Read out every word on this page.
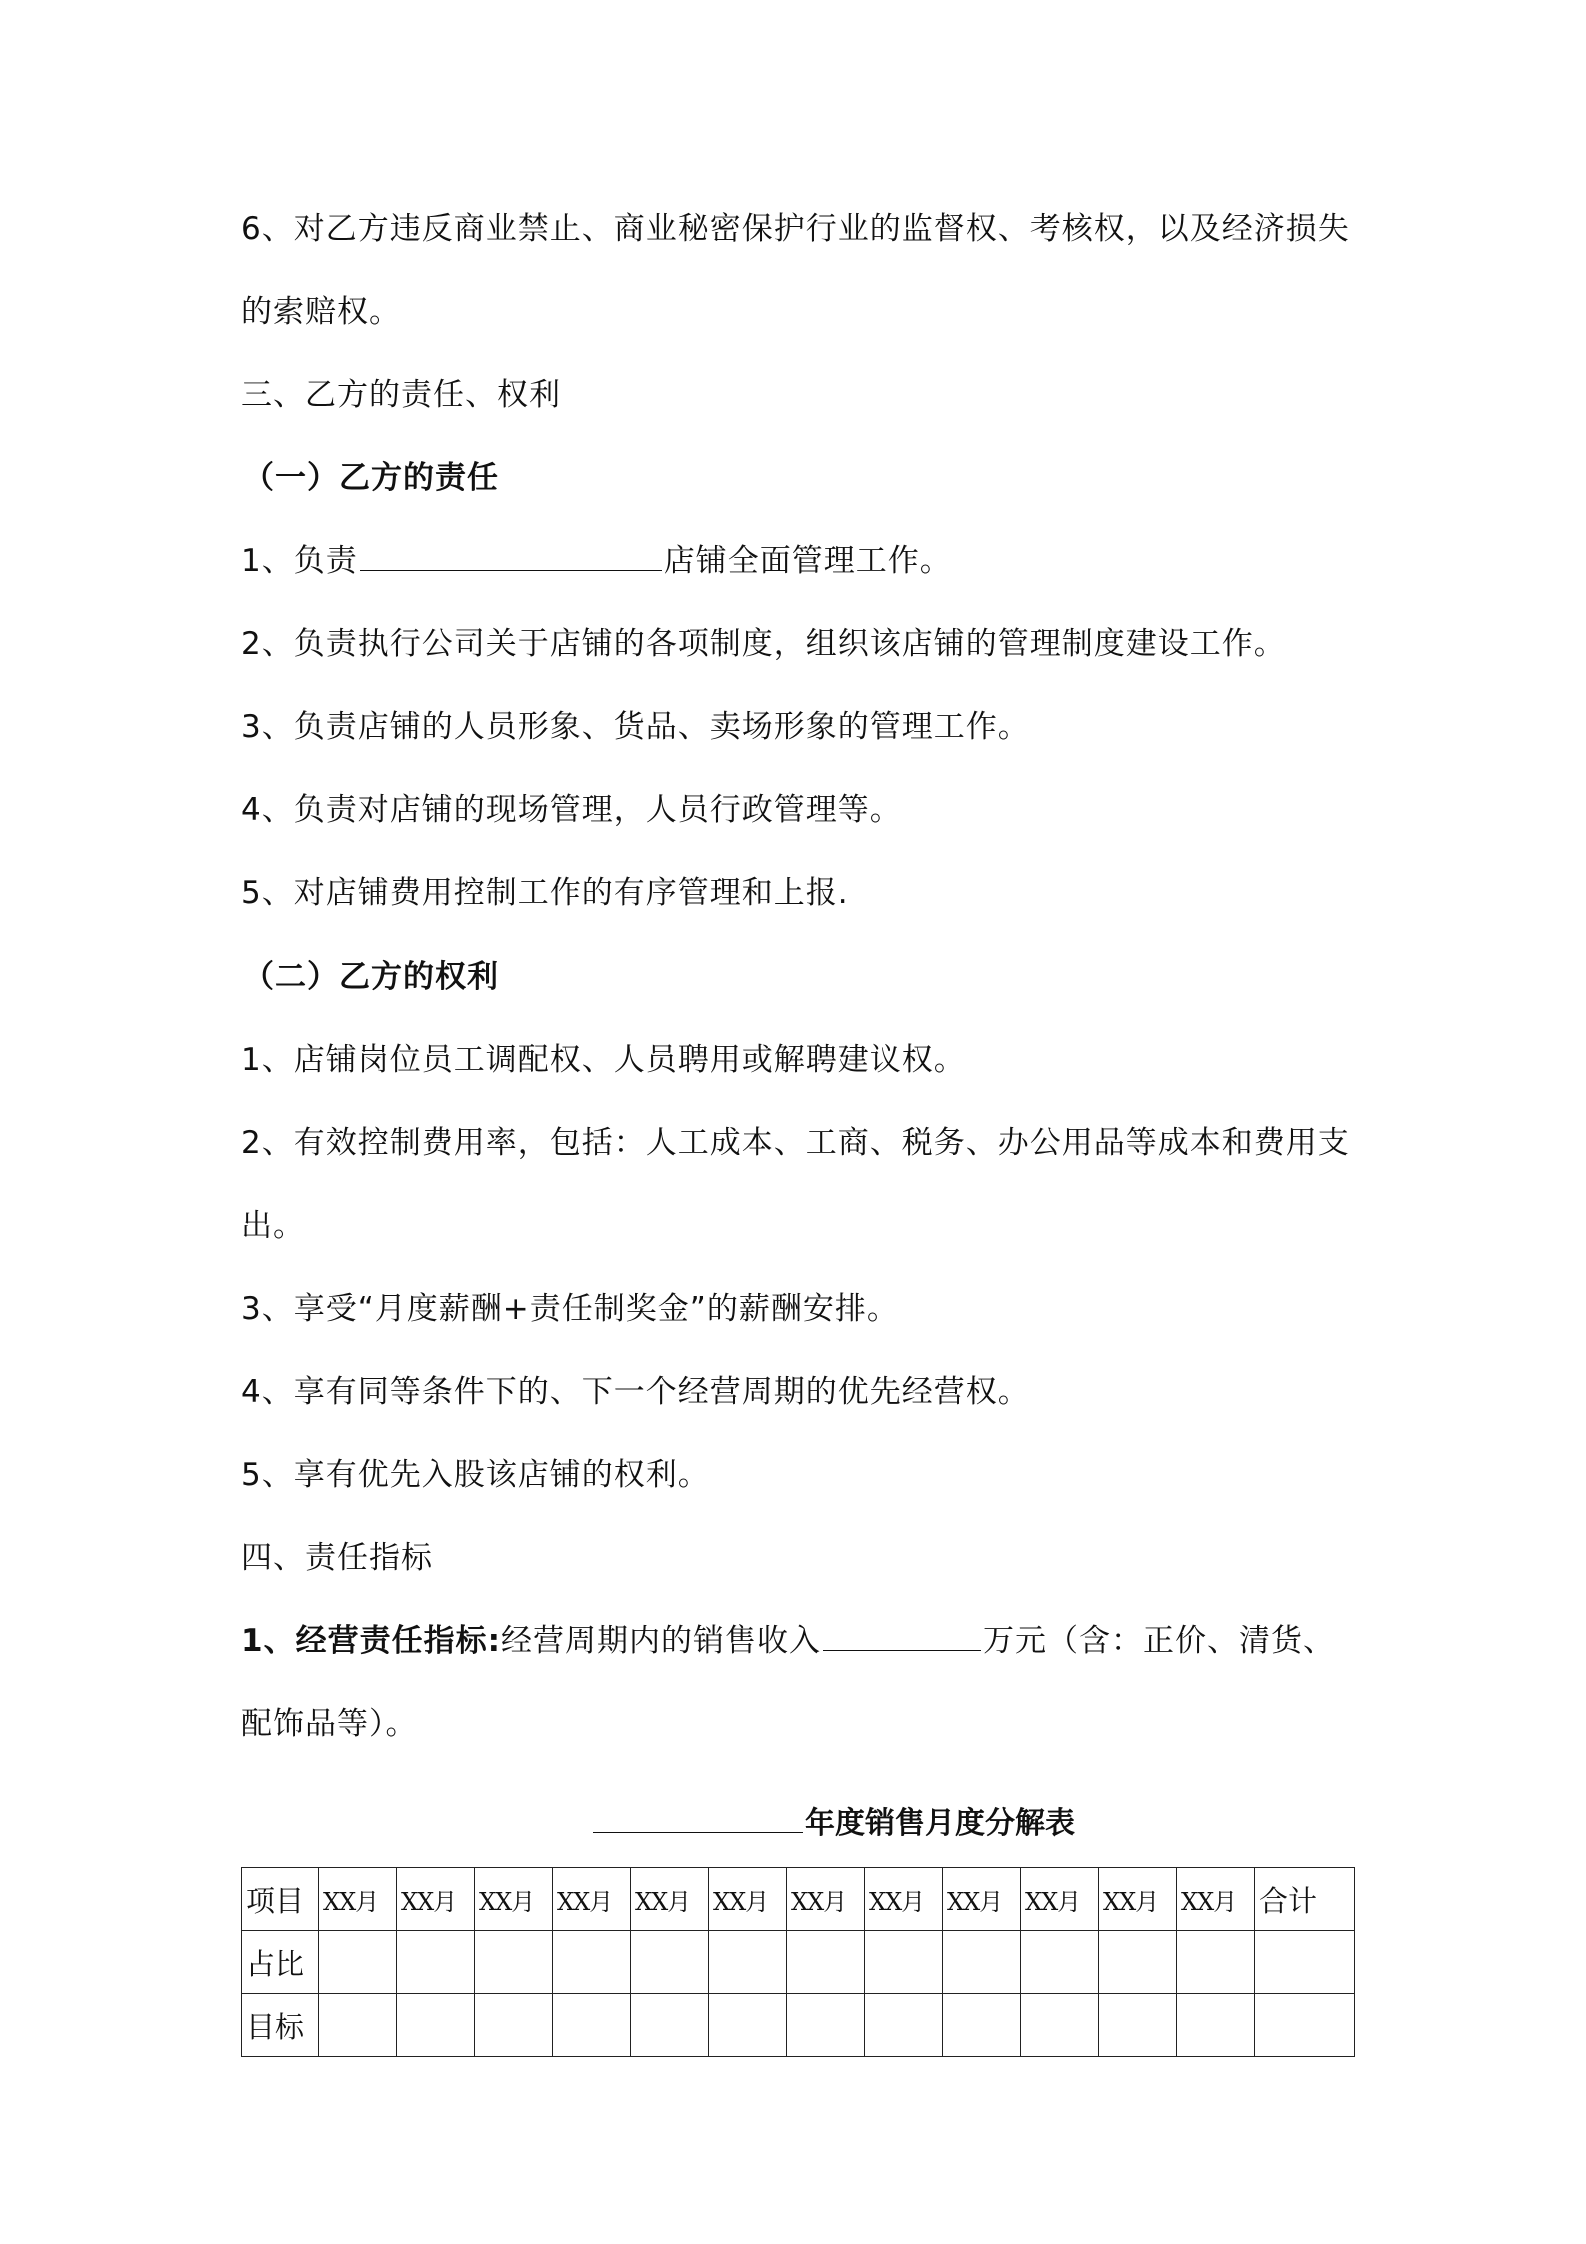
6、对乙方违反商业禁止、商业秘密保护行业的监督权、考核权，以及经济损失
的索赔权。
三、乙方的责任、权利
（一）乙方的责任
1、负责	店铺全面管理工作。
2、负责执行公司关于店铺的各项制度，组织该店铺的管理制度建设工作。
3、负责店铺的人员形象、货品、卖场形象的管理工作。
4、负责对店铺的现场管理，人员行政管理等。
5、对店铺费用控制工作的有序管理和上报.
（二）乙方的权利
1、店铺岗位员工调配权、人员聘用或解聘建议权。
2、有效控制费用率，包括：人工成本、工商、税务、办公用品等成本和费用支
出。
3、享受“月度薪酬+责任制奖金”的薪酬安排。
4、享有同等条件下的、下一个经营周期的优先经营权。
5、享有优先入股该店铺的权利。
四、责任指标
1、经营责任指标:经营周期内的销售收入	万元（含：正价、清货、
配饰品等）。
年度销售月度分解表
项目	XX月	XX月	XX月	XX月	XX月	XX月	XX月	XX月	XX月	XX月	XX月	XX月	合计
占比													
目标													
